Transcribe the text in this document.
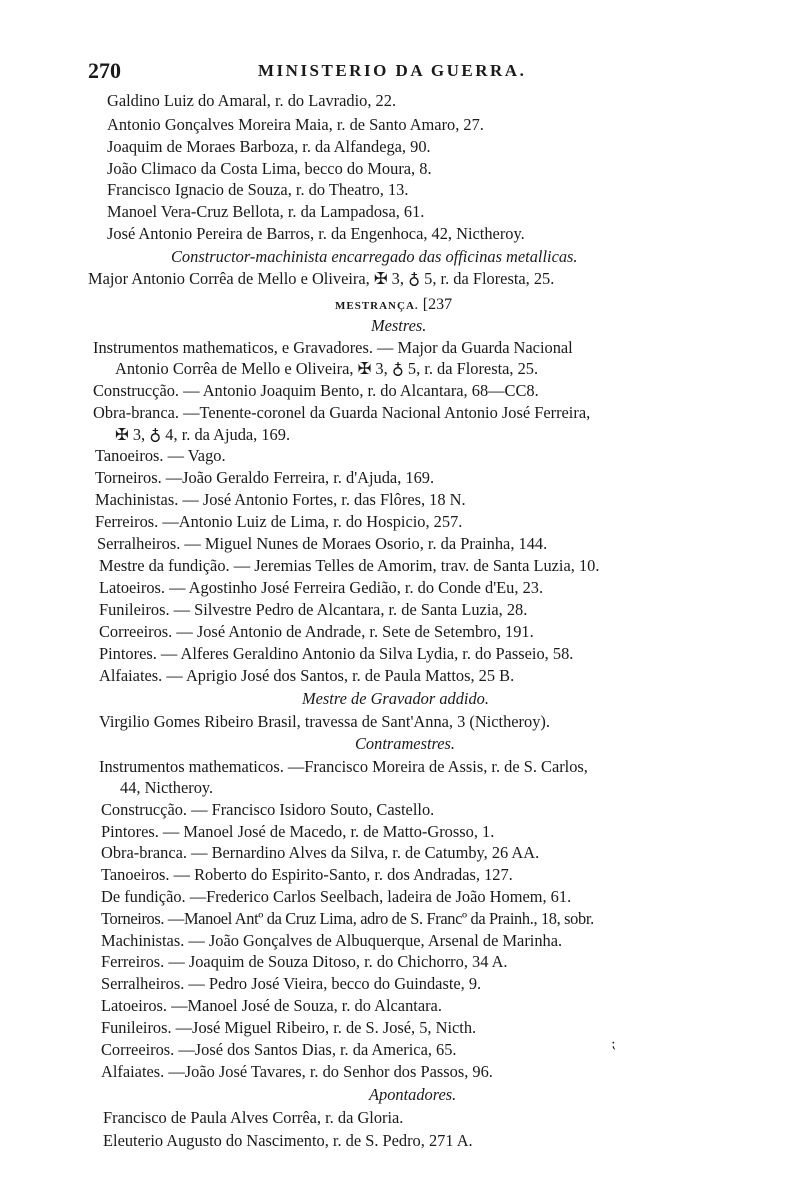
270	MINISTERIO DA GUERRA.
Galdino Luiz do Amaral, r. do Lavradio, 22.
Antonio Gonçalves Moreira Maia, r. de Santo Amaro, 27.
Joaquim de Moraes Barboza, r. da Alfandega, 90.
João Climaco da Costa Lima, becco do Moura, 8.
Francisco Ignacio de Souza, r. do Theatro, 13.
Manoel Vera-Cruz Bellota, r. da Lampadosa, 61.
José Antonio Pereira de Barros, r. da Engenhoca, 42, Nictheroy.
Constructor-machinista encarregado das officinas metallicas.
Major Antonio Corrêa de Mello e Oliveira, ✠ 3, ♁ 5, r. da Floresta, 25.
MESTRANÇA. [237
Mestres.
Instrumentos mathematicos, e Gravadores. — Major da Guarda Nacional
Antonio Corrêa de Mello e Oliveira, ✠ 3, ♁ 5, r. da Floresta, 25.
Construcção. — Antonio Joaquim Bento, r. do Alcantara, 68—CC8.
Obra-branca. —Tenente-coronel da Guarda Nacional Antonio José Ferreira,
✠ 3, ♁ 4, r. da Ajuda, 169.
Tanoeiros. — Vago.
Torneiros. —João Geraldo Ferreira, r. d'Ajuda, 169.
Machinistas. — José Antonio Fortes, r. das Flôres, 18 N.
Ferreiros. —Antonio Luiz de Lima, r. do Hospicio, 257.
Serralheiros. — Miguel Nunes de Moraes Osorio, r. da Prainha, 144.
Mestre da fundição. — Jeremias Telles de Amorim, trav. de Santa Luzia, 10.
Latoeiros. — Agostinho José Ferreira Gedião, r. do Conde d'Eu, 23.
Funileiros. — Silvestre Pedro de Alcantara, r. de Santa Luzia, 28.
Correeiros. — José Antonio de Andrade, r. Sete de Setembro, 191.
Pintores. — Alferes Geraldino Antonio da Silva Lydia, r. do Passeio, 58.
Alfaiates. — Aprigio José dos Santos, r. de Paula Mattos, 25 B.
Mestre de Gravador addido.
Virgilio Gomes Ribeiro Brasil, travessa de Sant'Anna, 3 (Nictheroy).
Contramestres.
Instrumentos mathematicos. —Francisco Moreira de Assis, r. de S. Carlos,
44, Nictheroy.
Construcção. — Francisco Isidoro Souto, Castello.
Pintores. — Manoel José de Macedo, r. de Matto-Grosso, 1.
Obra-branca. — Bernardino Alves da Silva, r. de Catumby, 26 AA.
Tanoeiros. — Roberto do Espirito-Santo, r. dos Andradas, 127.
De fundição. —Frederico Carlos Seelbach, ladeira de João Homem, 61.
Torneiros. —Manoel Antº da Cruz Lima, adro de S. Francº da Prainh., 18, sobr.
Machinistas. — João Gonçalves de Albuquerque, Arsenal de Marinha.
Ferreiros. — Joaquim de Souza Ditoso, r. do Chichorro, 34 A.
Serralheiros. — Pedro José Vieira, becco do Guindaste, 9.
Latoeiros. —Manoel José de Souza, r. do Alcantara.
Funileiros. —José Miguel Ribeiro, r. de S. José, 5, Nicth.
Correeiros. —José dos Santos Dias, r. da America, 65.
Alfaiates. —João José Tavares, r. do Senhor dos Passos, 96.
Apontadores.
Francisco de Paula Alves Corrêa, r. da Gloria.
Eleuterio Augusto do Nascimento, r. de S. Pedro, 271 A.
⁏
